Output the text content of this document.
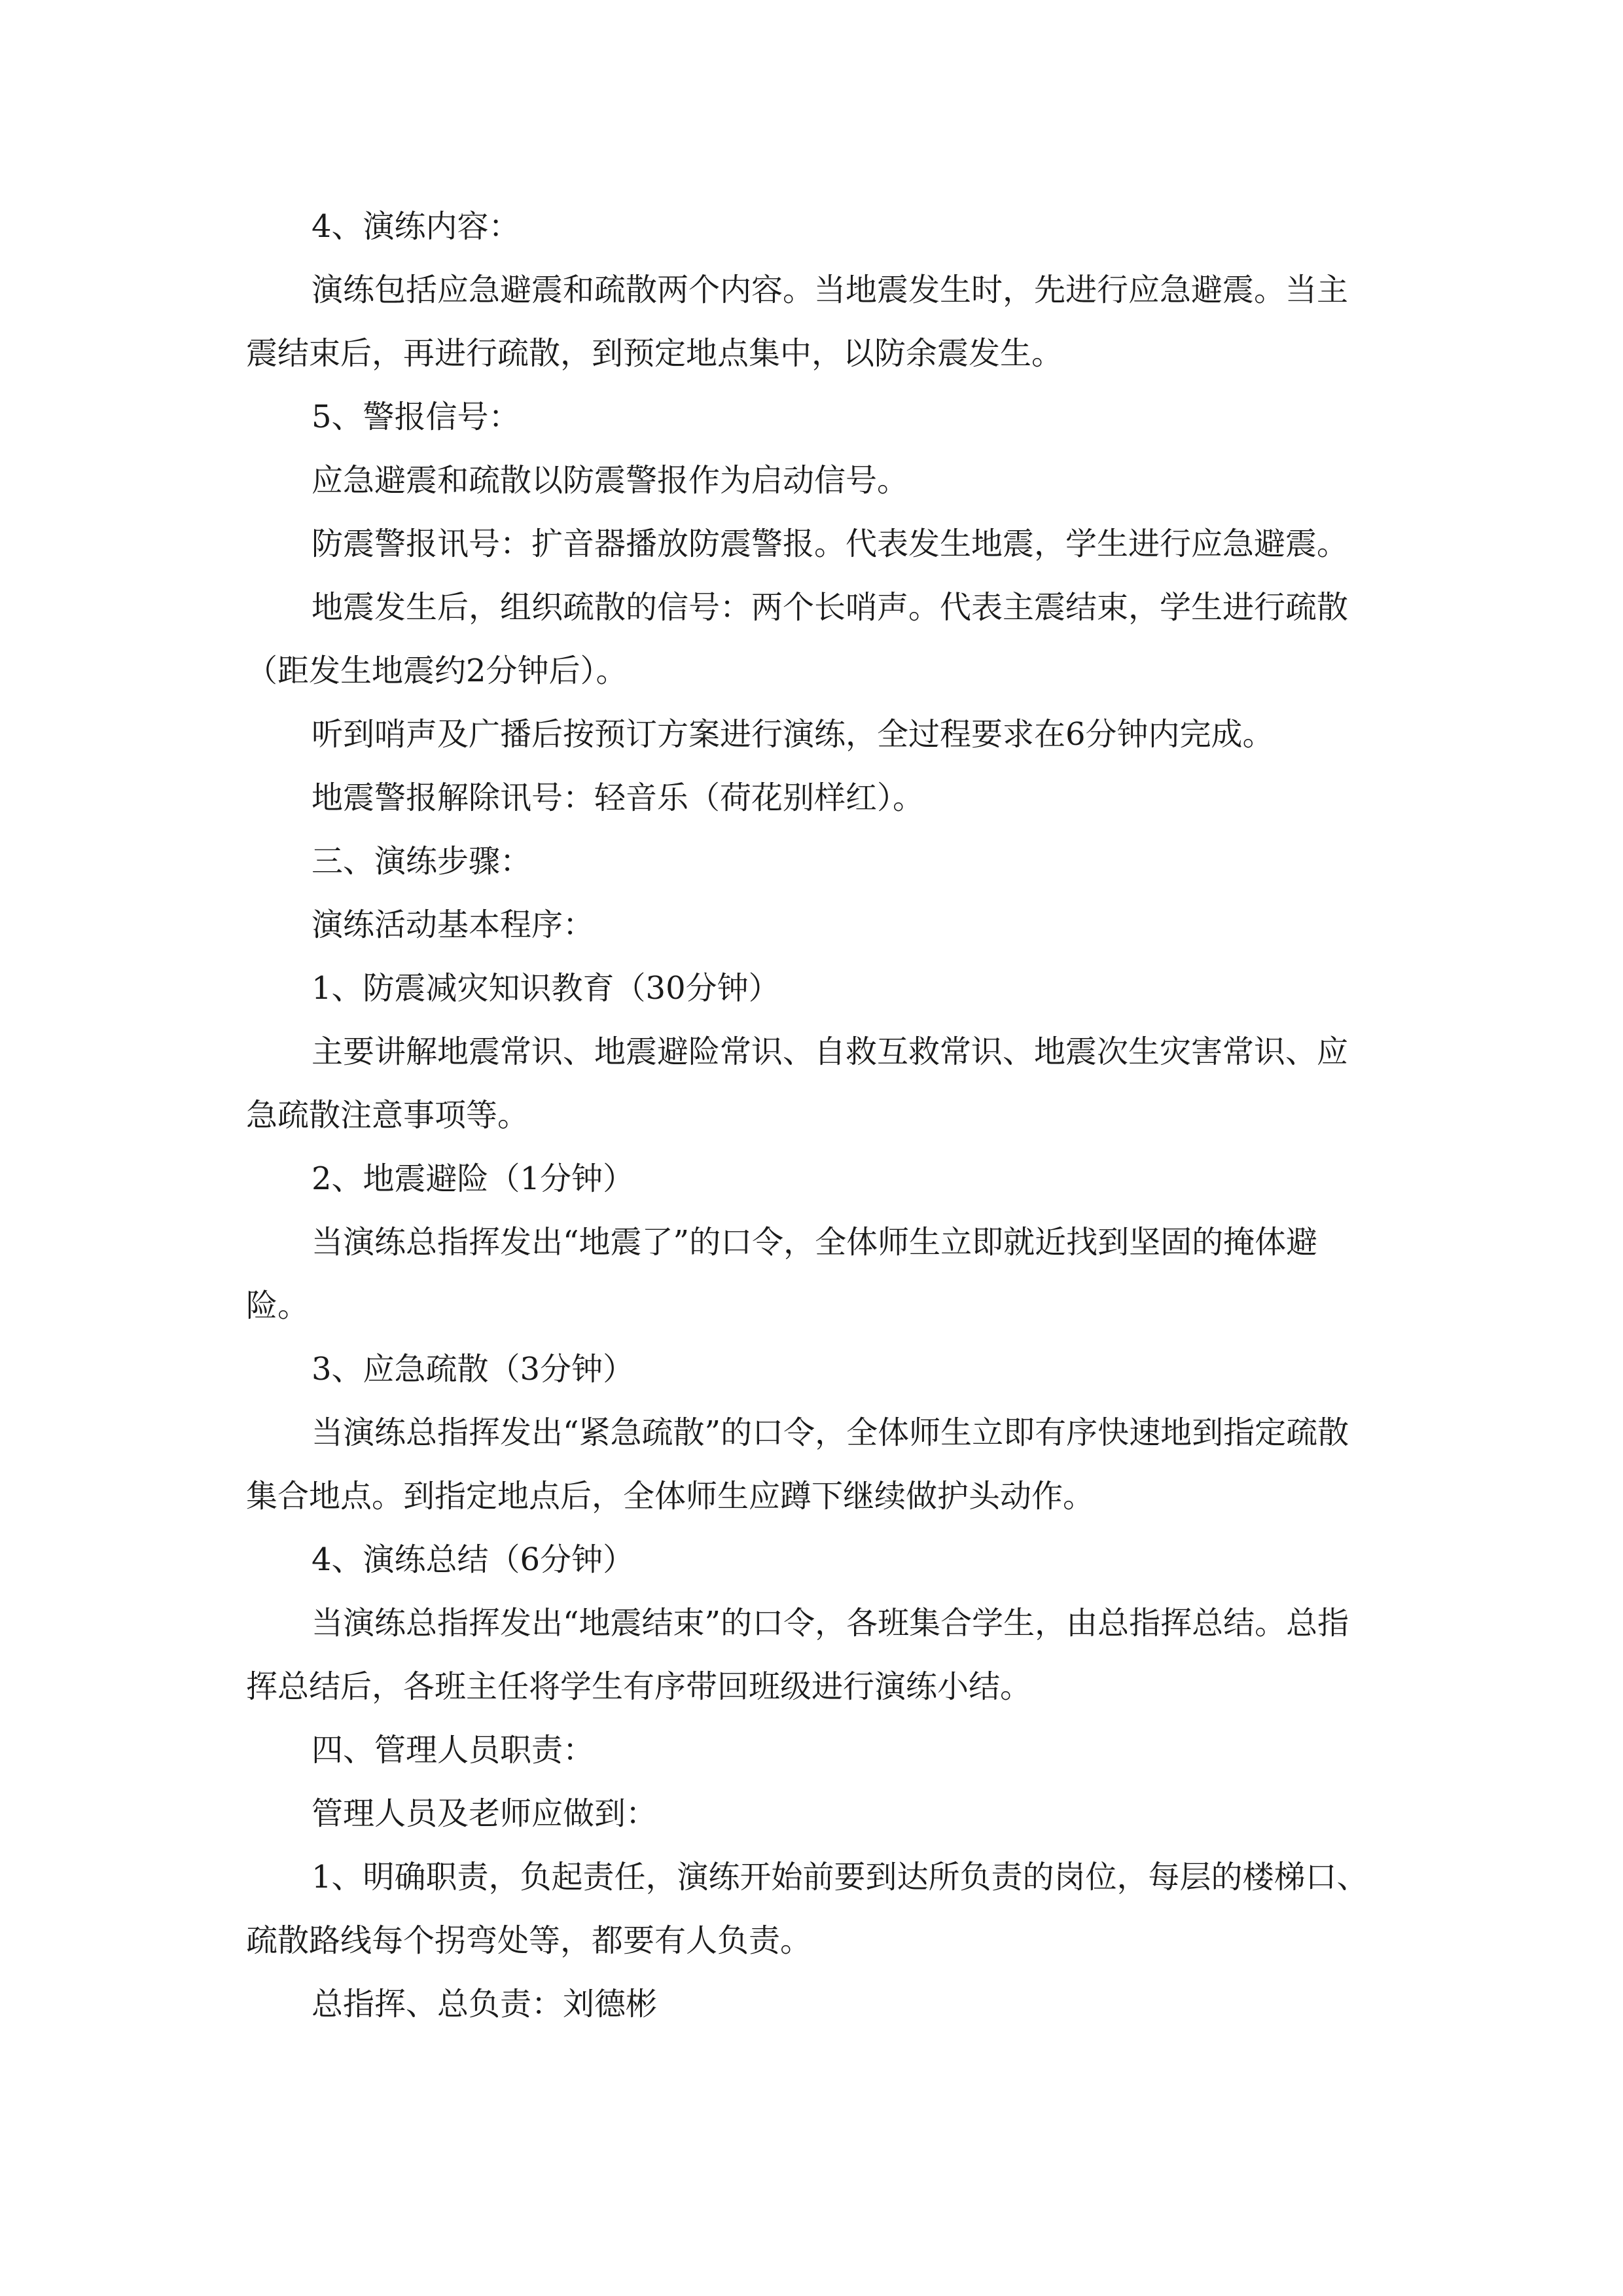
4、演练内容：

演练包括应急避震和疏散两个内容。当地震发生时，先进行应急避震。当主震结束后，再进行疏散，到预定地点集中，以防余震发生。

5、警报信号：

应急避震和疏散以防震警报作为启动信号。

防震警报讯号：扩音器播放防震警报。代表发生地震，学生进行应急避震。

地震发生后，组织疏散的信号：两个长哨声。代表主震结束，学生进行疏散（距发生地震约2分钟后）。

听到哨声及广播后按预订方案进行演练，全过程要求在6分钟内完成。

地震警报解除讯号：轻音乐（荷花别样红）。

三、演练步骤：

演练活动基本程序：

1、防震减灾知识教育（30分钟）

主要讲解地震常识、地震避险常识、自救互救常识、地震次生灾害常识、应急疏散注意事项等。

2、地震避险（1分钟）

当演练总指挥发出“地震了”的口令，全体师生立即就近找到坚固的掩体避险。

3、应急疏散（3分钟）

当演练总指挥发出“紧急疏散”的口令，全体师生立即有序快速地到指定疏散集合地点。到指定地点后，全体师生应蹲下继续做护头动作。

4、演练总结（6分钟）

当演练总指挥发出“地震结束”的口令，各班集合学生，由总指挥总结。总指挥总结后，各班主任将学生有序带回班级进行演练小结。

四、管理人员职责：

管理人员及老师应做到：

1、明确职责，负起责任，演练开始前要到达所负责的岗位，每层的楼梯口、疏散路线每个拐弯处等，都要有人负责。

总指挥、总负责：刘德彬
